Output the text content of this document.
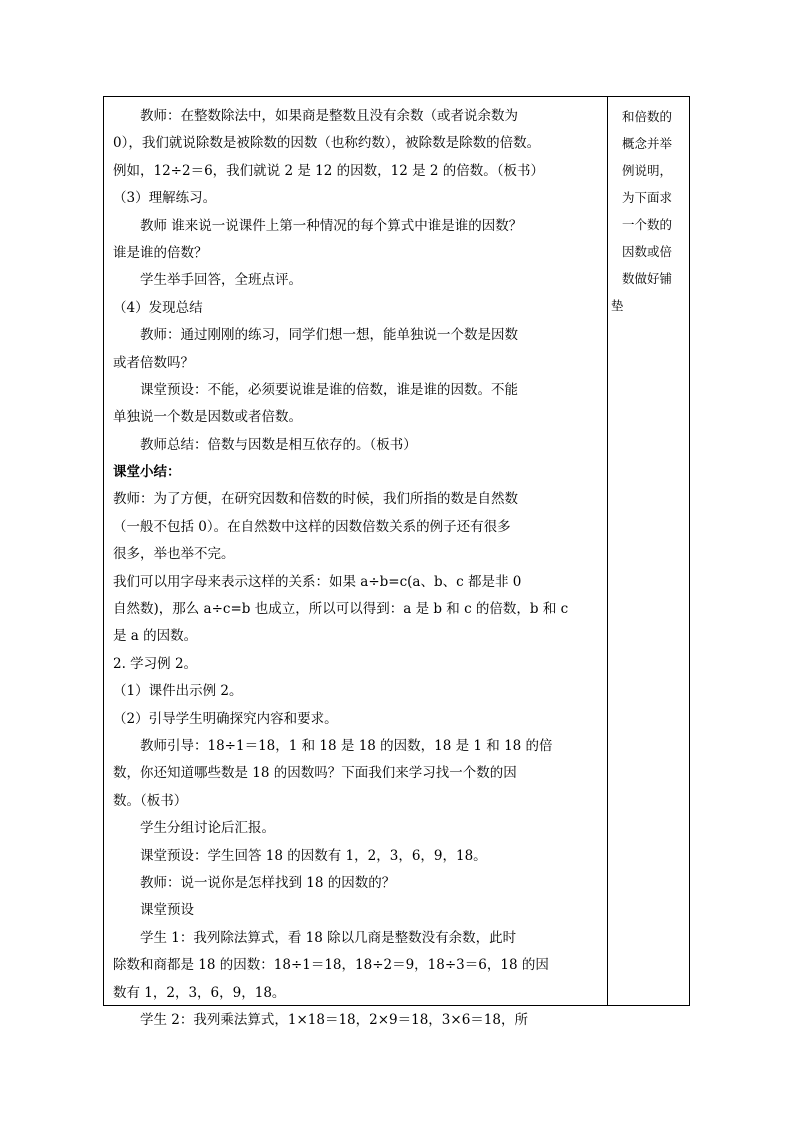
教师：在整数除法中，如果商是整数且没有余数（或者说余数为
0），我们就说除数是被除数的因数（也称约数），被除数是除数的倍数。
例如，12÷2＝6，我们就说 2 是 12 的因数，12 是 2 的倍数。（板书）
（3）理解练习。
教师 谁来说一说课件上第一种情况的每个算式中谁是谁的因数？
谁是谁的倍数？
学生举手回答，全班点评。
（4）发现总结
教师：通过刚刚的练习，同学们想一想，能单独说一个数是因数
或者倍数吗？
课堂预设：不能，必须要说谁是谁的倍数，谁是谁的因数。不能
单独说一个数是因数或者倍数。
教师总结：倍数与因数是相互依存的。（板书）
课堂小结：
教师：为了方便，在研究因数和倍数的时候，我们所指的数是自然数
（一般不包括 0）。在自然数中这样的因数倍数关系的例子还有很多
很多，举也举不完。
我们可以用字母来表示这样的关系：如果 a÷b=c(a、b、c 都是非 0
自然数)，那么 a÷c=b 也成立，所以可以得到：a 是 b 和 c 的倍数，b 和 c
是 a 的因数。
2. 学习例 2。
（1）课件出示例 2。
（2）引导学生明确探究内容和要求。
教师引导：18÷1＝18，1 和 18 是 18 的因数，18 是 1 和 18 的倍
数，你还知道哪些数是 18 的因数吗？下面我们来学习找一个数的因
数。（板书）
学生分组讨论后汇报。
课堂预设：学生回答 18 的因数有 1，2，3，6，9，18。
教师：说一说你是怎样找到 18 的因数的？
课堂预设
学生 1：我列除法算式，看 18 除以几商是整数没有余数，此时
除数和商都是 18 的因数：18÷1＝18，18÷2＝9，18÷3＝6，18 的因
数有 1，2，3，6，9，18。
学生 2：我列乘法算式，1×18＝18，2×9＝18，3×6＝18，所
和倍数的
概念并举
例说明，
为下面求
一个数的
因数或倍
数做好铺
垫
